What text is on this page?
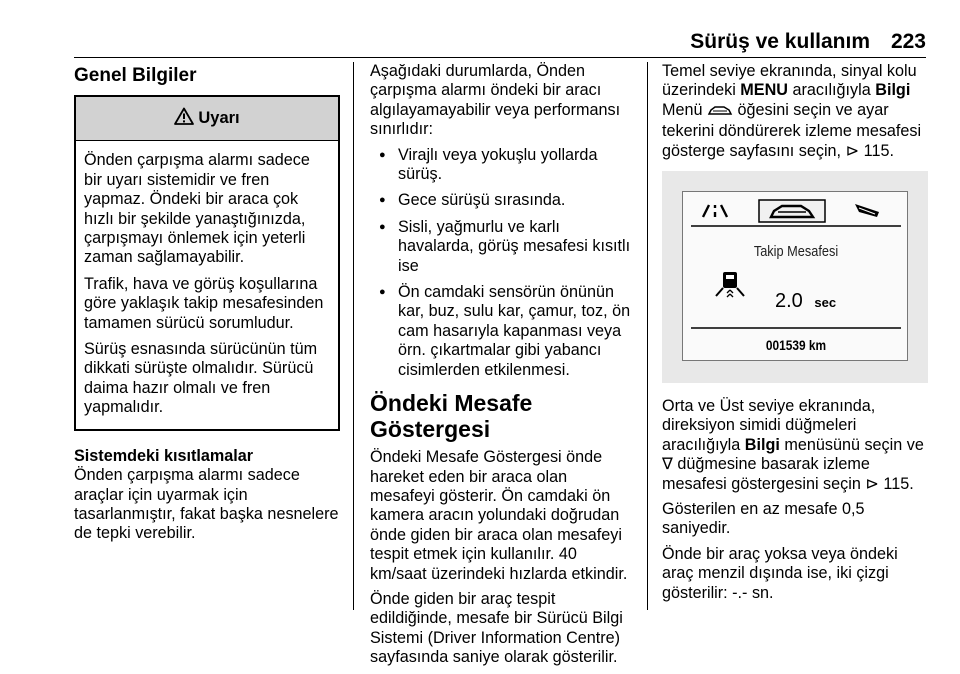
Sürüş ve kullanım 223
Genel Bilgiler
Uyarı

Önden çarpışma alarmı sadece bir uyarı sistemidir ve fren yapmaz. Öndeki bir araca çok hızlı bir şekilde yanaştığınızda, çarpışmayı önlemek için yeterli zaman sağlamayabilir.

Trafik, hava ve görüş koşullarına göre yaklaşık takip mesafesinden tamamen sürücü sorumludur.

Sürüş esnasında sürücünün tüm dikkati sürüşte olmalıdır. Sürücü daima hazır olmalı ve fren yapmalıdır.

Sistemdeki kısıtlamalar

Önden çarpışma alarmı sadece araçlar için uyarmak için tasarlanmıştır, fakat başka nesnelere de tepki verebilir.

Aşağıdaki durumlarda, Önden çarpışma alarmı öndeki bir aracı algılayamayabilir veya performansı sınırlıdır:

● Virajlı veya yokuşlu yollarda sürüş.
● Gece sürüşü sırasında.
● Sisli, yağmurlu ve karlı havalarda, görüş mesafesi kısıtlı ise
● Ön camdaki sensörün önünün kar, buz, sulu kar, çamur, toz, ön cam hasarıyla kapanması veya örn. çıkartmalar gibi yabancı cisimlerden etkilenmesi.
Öndeki Mesafe Göstergesi

Öndeki Mesafe Göstergesi önde hareket eden bir araca olan mesafeyi gösterir. Ön camdaki ön kamera aracın yolundaki doğrudan önde giden bir araca olan mesafeyi tespit etmek için kullanılır. 40 km/saat üzerindeki hızlarda etkindir.

Önde giden bir araç tespit edildiğinde, mesafe bir Sürücü Bilgi Sistemi (Driver Information Centre) sayfasında saniye olarak gösterilir.

Temel seviye ekranında, sinyal kolu üzerindeki MENU aracılığıyla Bilgi Menü  öğesini seçin ve ayar tekerini döndürerek izleme mesafesi gösterge sayfasını seçin, ⊳ 115.

Takip Mesafesi
2.0 sec
001539 km

Orta ve Üst seviye ekranında, direksiyon simidi düğmeleri aracılığıyla Bilgi menüsünü seçin ve ∇ düğmesine basarak izleme mesafesi göstergesini seçin ⊳ 115.

Gösterilen en az mesafe 0,5 saniyedir.

Önde bir araç yoksa veya öndeki araç menzil dışında ise, iki çizgi gösterilir: -.- sn.
